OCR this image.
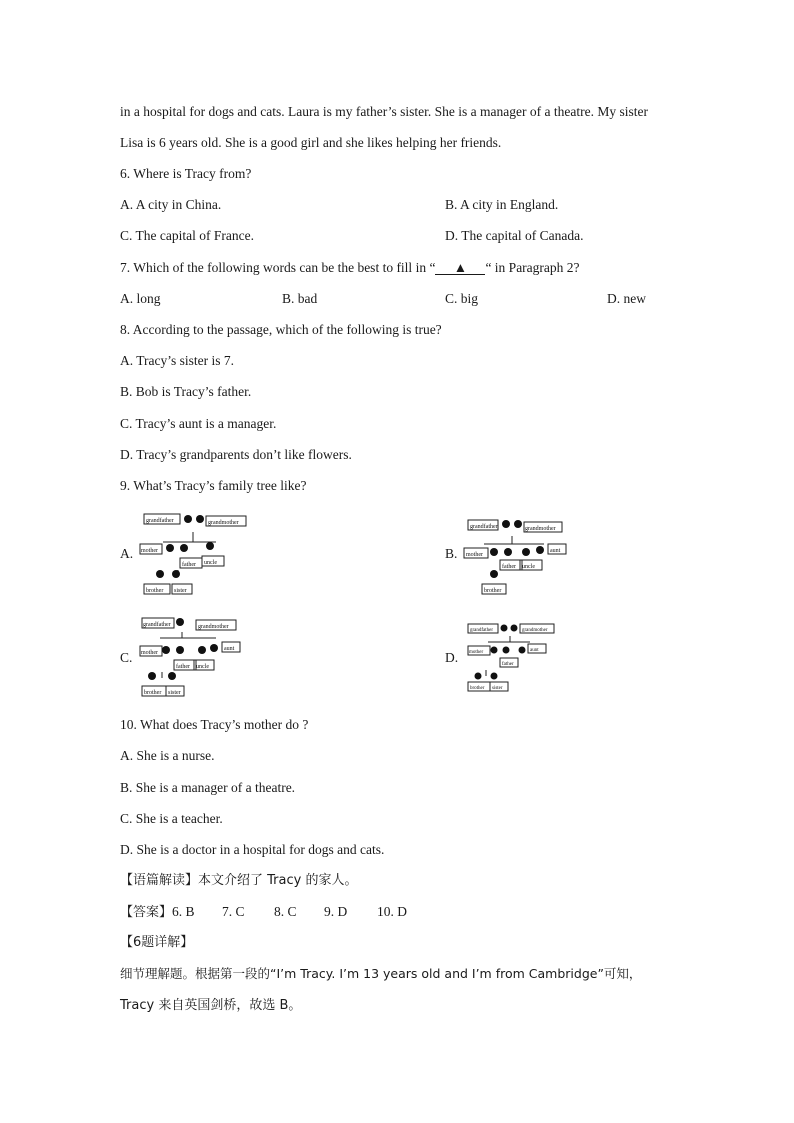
in a hospital for dogs and cats. Laura is my father’s sister. She is a manager of a theatre. My sister
Lisa is 6 years old. She is a good girl and she likes helping her friends.
6. Where is Tracy from?
A. A city in China.	B. A city in England.
C. The capital of France.	D. The capital of Canada.
7. Which of the following words can be the best to fill in “ ▲ “ in Paragraph 2?
A. long	B. bad	C. big	D. new
8. According to the passage, which of the following is true?
A. Tracy’s sister is 7.
B. Bob is Tracy’s father.
C. Tracy’s aunt is a manager.
D. Tracy’s grandparents don’t like flowers.
9. What’s Tracy’s family tree like?
A.	B.
C.	D.
grandfather	grandmother
mother
father uncle
brother sister
grandfather	grandmother
mother
father uncle
aunt
brother
grandfather	grandmother
mother
father uncle
aunt
brother sister
grandfather	grandmother
mother
father
aunt
brother sister
10. What does Tracy’s mother do ?
A. She is a nurse.
B. She is a manager of a theatre.
C. She is a teacher.
D. She is a doctor in a hospital for dogs and cats.
【语篇解读】本文介绍了 Tracy 的家人。
【答案】6. B 7. C 8. C 9. D 10. D
【6题详解】
细节理解题。根据第一段的“I’m Tracy. I’m 13 years old and I’m from Cambridge”可知，
Tracy 来自英国剑桥，故选 B。
